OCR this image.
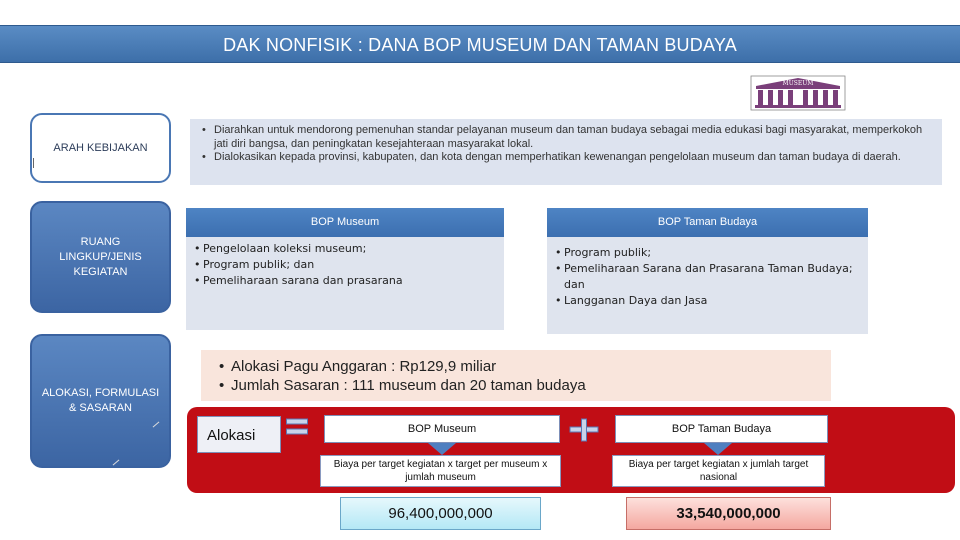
DAK NONFISIK : DANA BOP MUSEUM DAN TAMAN BUDAYA
MUSEUM
ARAH KEBIJAKAN
RUANG LINGKUP/JENIS KEGIATAN
ALOKASI, FORMULASI & SASARAN
• Diarahkan untuk mendorong pemenuhan standar pelayanan museum dan taman budaya sebagai media edukasi bagi masyarakat, memperkokoh jati diri bangsa, dan peningkatan kesejahteraan masyarakat lokal.
• Dialokasikan kepada provinsi, kabupaten, dan kota dengan memperhatikan kewenangan pengelolaan museum dan taman budaya di daerah.
BOP Museum	BOP Taman Budaya
• Pengelolaan koleksi museum;
• Program publik; dan
• Pemeliharaan sarana dan prasarana
• Program publik;
• Pemeliharaan Sarana dan Prasarana Taman Budaya; dan
• Langganan Daya dan Jasa
• Alokasi Pagu Anggaran : Rp129,9 miliar
• Jumlah Sasaran : 111 museum dan 20 taman budaya
Alokasi	BOP Museum	BOP Taman Budaya
Biaya per target kegiatan x target per museum x jumlah museum
Biaya per target kegiatan x jumlah target nasional
96,400,000,000	33,540,000,000
